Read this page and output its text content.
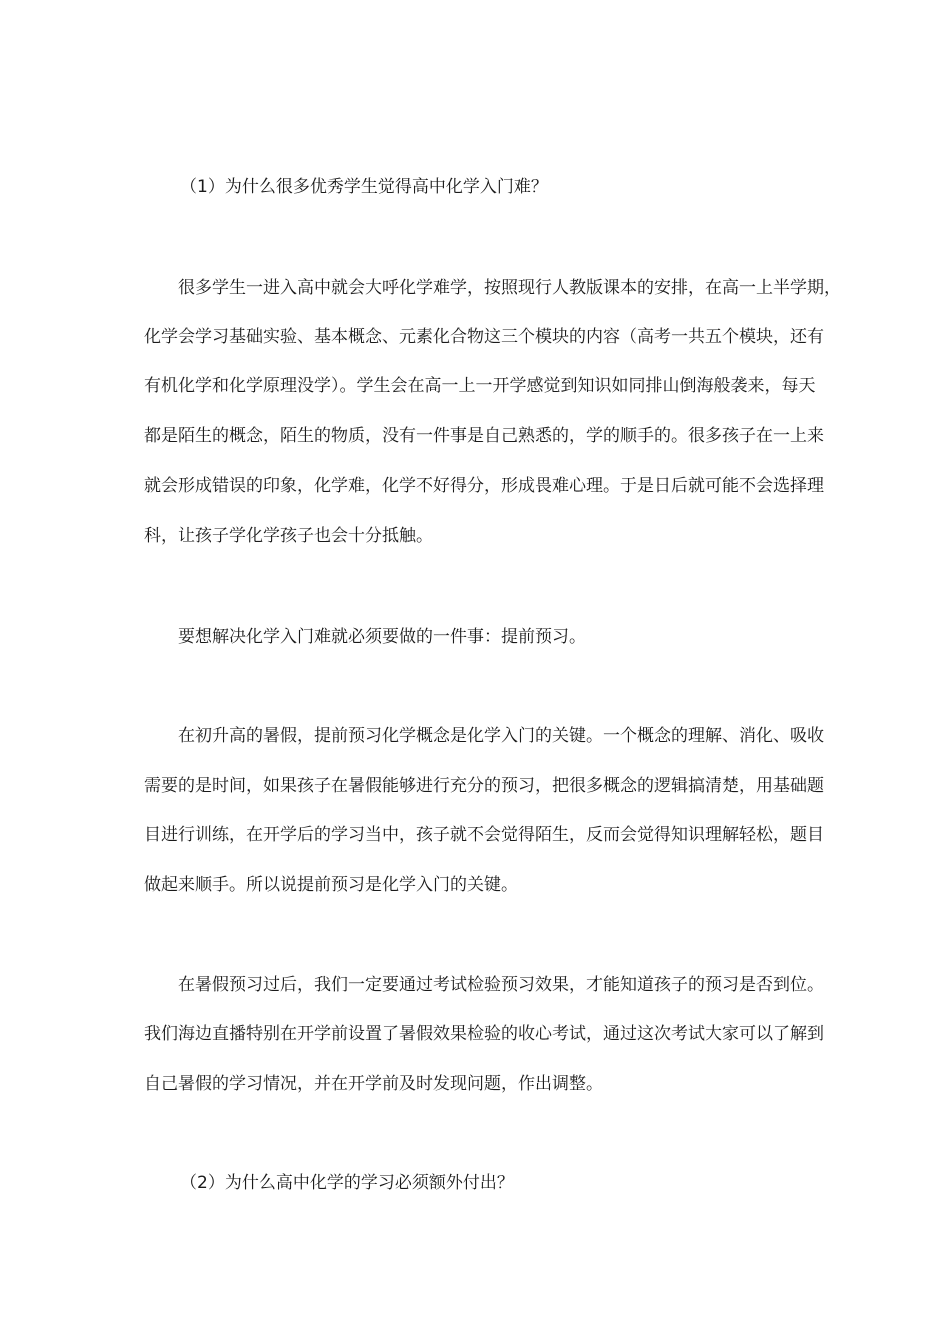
（1）为什么很多优秀学生觉得高中化学入门难？
很多学生一进入高中就会大呼化学难学，按照现行人教版课本的安排，在高一上半学期，
化学会学习基础实验、基本概念、元素化合物这三个模块的内容（高考一共五个模块，还有
有机化学和化学原理没学）。学生会在高一上一开学感觉到知识如同排山倒海般袭来，每天
都是陌生的概念，陌生的物质，没有一件事是自己熟悉的，学的顺手的。很多孩子在一上来
就会形成错误的印象，化学难，化学不好得分，形成畏难心理。于是日后就可能不会选择理
科，让孩子学化学孩子也会十分抵触。
要想解决化学入门难就必须要做的一件事：提前预习。
在初升高的暑假，提前预习化学概念是化学入门的关键。一个概念的理解、消化、吸收
需要的是时间，如果孩子在暑假能够进行充分的预习，把很多概念的逻辑搞清楚，用基础题
目进行训练，在开学后的学习当中，孩子就不会觉得陌生，反而会觉得知识理解轻松，题目
做起来顺手。所以说提前预习是化学入门的关键。
在暑假预习过后，我们一定要通过考试检验预习效果，才能知道孩子的预习是否到位。
我们海边直播特别在开学前设置了暑假效果检验的收心考试，通过这次考试大家可以了解到
自己暑假的学习情况，并在开学前及时发现问题，作出调整。
（2）为什么高中化学的学习必须额外付出？
